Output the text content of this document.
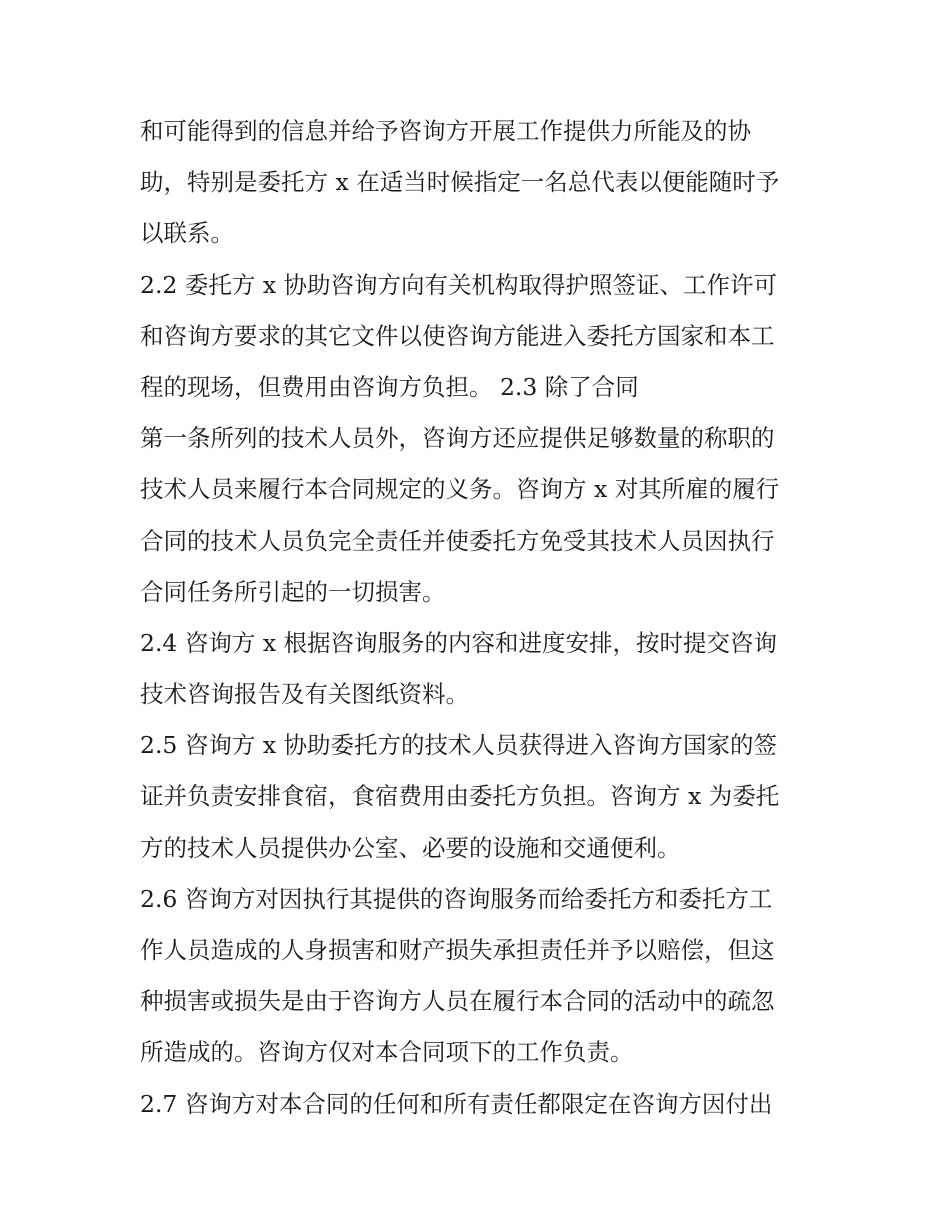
和可能得到的信息并给予咨询方开展工作提供力所能及的协
助，特别是委托方 x 在适当时候指定一名总代表以便能随时予
以联系。
2.2 委托方 x 协助咨询方向有关机构取得护照签证、工作许可
和咨询方要求的其它文件以使咨询方能进入委托方国家和本工
程的现场，但费用由咨询方负担。 2.3 除了合同
第一条所列的技术人员外，咨询方还应提供足够数量的称职的
技术人员来履行本合同规定的义务。咨询方 x 对其所雇的履行
合同的技术人员负完全责任并使委托方免受其技术人员因执行
合同任务所引起的一切损害。
2.4 咨询方 x 根据咨询服务的内容和进度安排，按时提交咨询
技术咨询报告及有关图纸资料。
2.5 咨询方 x 协助委托方的技术人员获得进入咨询方国家的签
证并负责安排食宿，食宿费用由委托方负担。咨询方 x 为委托
方的技术人员提供办公室、必要的设施和交通便利。
2.6 咨询方对因执行其提供的咨询服务而给委托方和委托方工
作人员造成的人身损害和财产损失承担责任并予以赔偿，但这
种损害或损失是由于咨询方人员在履行本合同的活动中的疏忽
所造成的。咨询方仅对本合同项下的工作负责。
2.7 咨询方对本合同的任何和所有责任都限定在咨询方因付出
